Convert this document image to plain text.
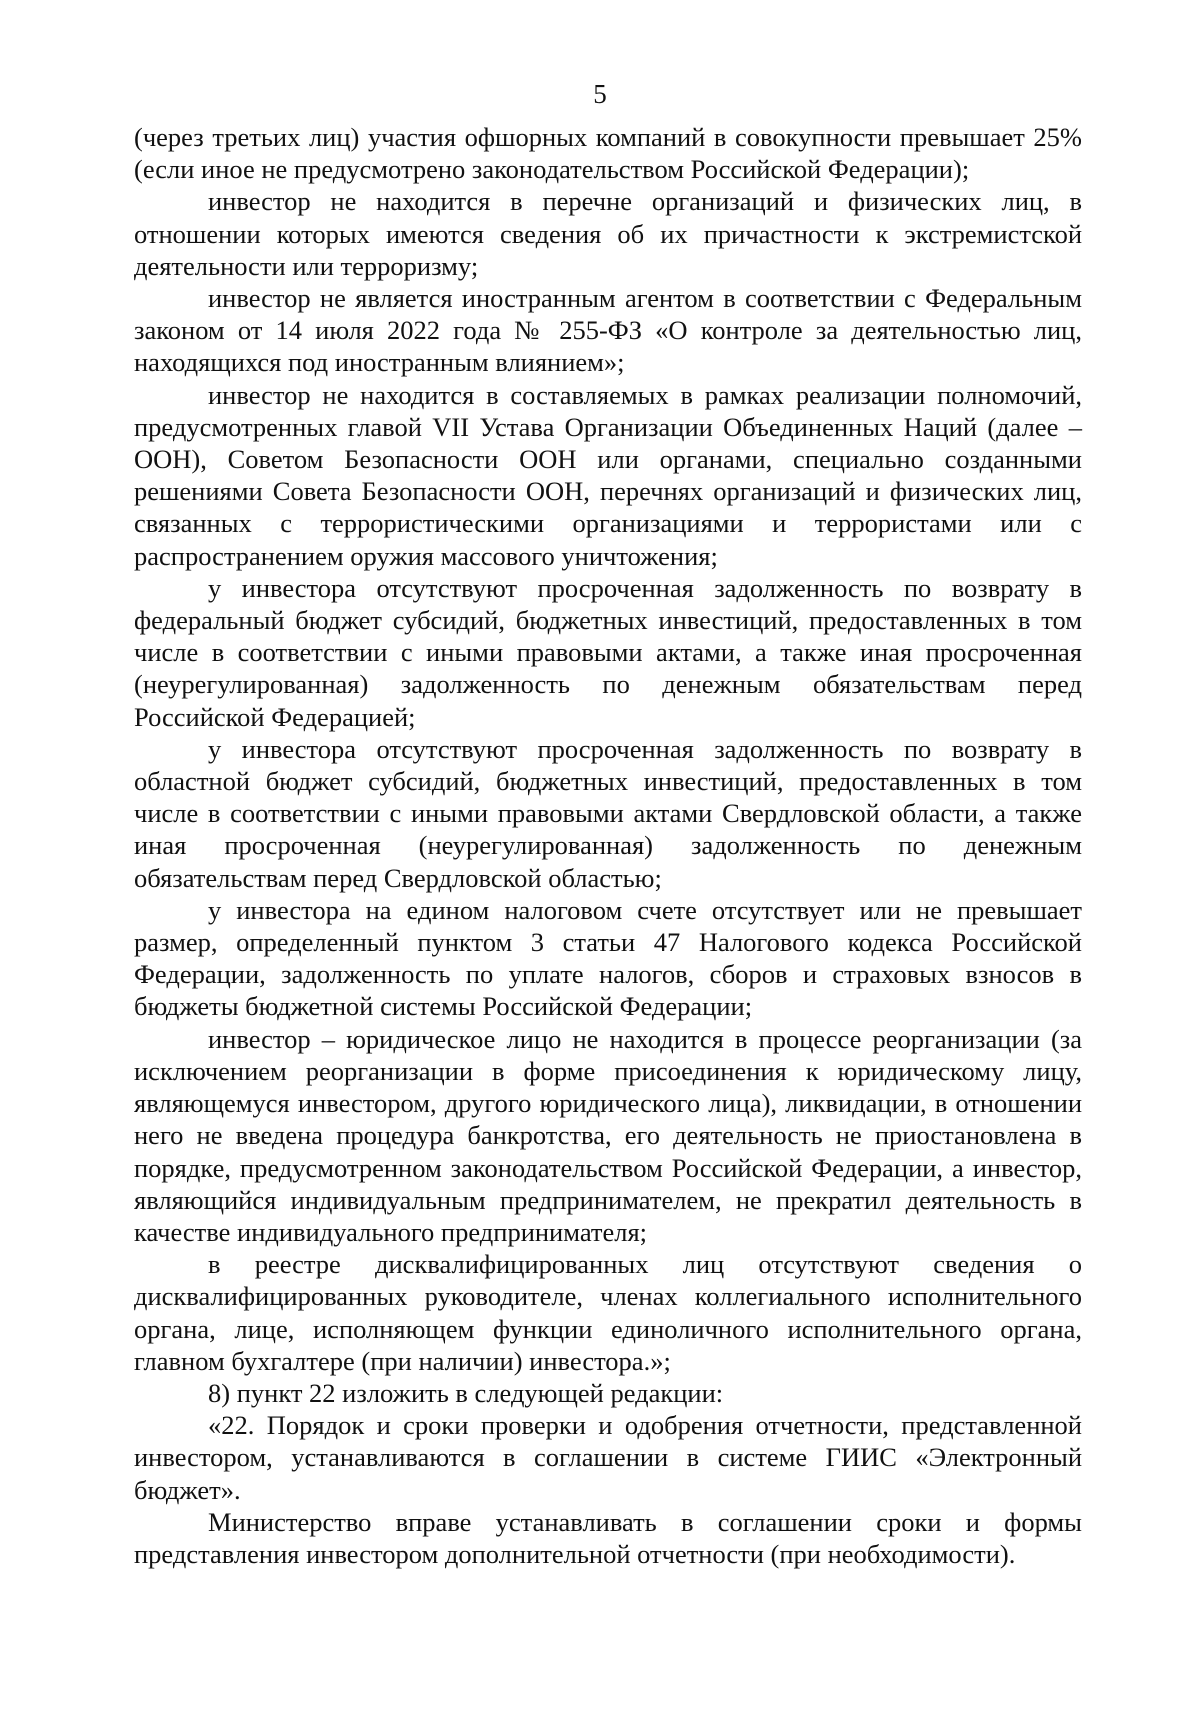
5

(через третьих лиц) участия офшорных компаний в совокупности превышает 25% (если иное не предусмотрено законодательством Российской Федерации);

инвестор не находится в перечне организаций и физических лиц, в отношении которых имеются сведения об их причастности к экстремистской деятельности или терроризму;

инвестор не является иностранным агентом в соответствии с Федеральным законом от 14 июля 2022 года № 255-ФЗ «О контроле за деятельностью лиц, находящихся под иностранным влиянием»;

инвестор не находится в составляемых в рамках реализации полномочий, предусмотренных главой VII Устава Организации Объединенных Наций (далее – ООН), Советом Безопасности ООН или органами, специально созданными решениями Совета Безопасности ООН, перечнях организаций и физических лиц, связанных с террористическими организациями и террористами или с распространением оружия массового уничтожения;

у инвестора отсутствуют просроченная задолженность по возврату в федеральный бюджет субсидий, бюджетных инвестиций, предоставленных в том числе в соответствии с иными правовыми актами, а также иная просроченная (неурегулированная) задолженность по денежным обязательствам перед Российской Федерацией;

у инвестора отсутствуют просроченная задолженность по возврату в областной бюджет субсидий, бюджетных инвестиций, предоставленных в том числе в соответствии с иными правовыми актами Свердловской области, а также иная просроченная (неурегулированная) задолженность по денежным обязательствам перед Свердловской областью;

у инвестора на едином налоговом счете отсутствует или не превышает размер, определенный пунктом 3 статьи 47 Налогового кодекса Российской Федерации, задолженность по уплате налогов, сборов и страховых взносов в бюджеты бюджетной системы Российской Федерации;

инвестор – юридическое лицо не находится в процессе реорганизации (за исключением реорганизации в форме присоединения к юридическому лицу, являющемуся инвестором, другого юридического лица), ликвидации, в отношении него не введена процедура банкротства, его деятельность не приостановлена в порядке, предусмотренном законодательством Российской Федерации, а инвестор, являющийся индивидуальным предпринимателем, не прекратил деятельность в качестве индивидуального предпринимателя;

в реестре дисквалифицированных лиц отсутствуют сведения о дисквалифицированных руководителе, членах коллегиального исполнительного органа, лице, исполняющем функции единоличного исполнительного органа, главном бухгалтере (при наличии) инвестора.»;

8) пункт 22 изложить в следующей редакции:

«22. Порядок и сроки проверки и одобрения отчетности, представленной инвестором, устанавливаются в соглашении в системе ГИИС «Электронный бюджет».

Министерство вправе устанавливать в соглашении сроки и формы представления инвестором дополнительной отчетности (при необходимости).
